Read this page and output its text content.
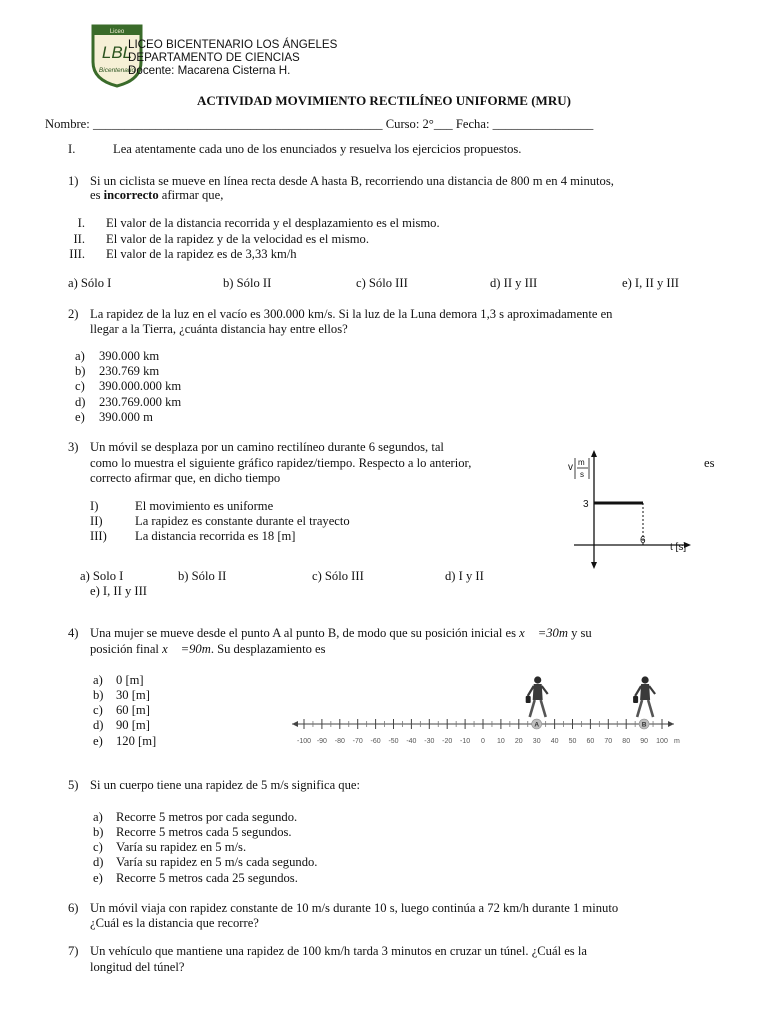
Liceo
LBL
Bicentenario
LICEO BICENTENARIO LOS ÁNGELES
DEPARTAMENTO DE CIENCIAS
Docente: Macarena Cisterna H.
ACTIVIDAD MOVIMIENTO RECTILÍNEO UNIFORME (MRU)
Nombre: ______________________________________________ Curso: 2°___ Fecha: ________________
I.	Lea atentamente cada uno de los enunciados y resuelva los ejercicios propuestos.
1) Si un ciclista se mueve en línea recta desde A hasta B, recorriendo una distancia de 800 m en 4 minutos,
es incorrecto afirmar que,
I. El valor de la distancia recorrida y el desplazamiento es el mismo.
II. El valor de la rapidez y de la velocidad es el mismo.
III. El valor de la rapidez es de 3,33 km/h
a) Sólo I	b) Sólo II	c) Sólo III	d) II y III	e) I, II y III
2) La rapidez de la luz en el vacío es 300.000 km/s. Si la luz de la Luna demora 1,3 s aproximadamente en
llegar a la Tierra, ¿cuánta distancia hay entre ellos?
a) 390.000 km
b) 230.769 km
c) 390.000.000 km
d) 230.769.000 km
e) 390.000 m
3) Un móvil se desplaza por un camino rectilíneo durante 6 segundos, tal
como lo muestra el siguiente gráfico rapidez/tiempo. Respecto a lo anterior,	es
correcto afirmar que, en dicho tiempo
I)	El movimiento es uniforme
II)	La rapidez es constante durante el trayecto
III) La distancia recorrida es 18 [m]
a) Solo I	b) Sólo II	c) Sólo III	d) I y II
e) I, II y III
v m
s
3
6
t [s]
4) Una mujer se mueve desde el punto A al punto B, de modo que su posición inicial es x⃗ =30m y su
posición final x⃗ =90m. Su desplazamiento es
a) 0 [m]
b) 30 [m]
c) 60 [m]
d) 90 [m]
e) 120 [m]	-100 -90 -80 -70 -60 -50 -40 -30 -20 -10 0 10 20 30 40 50 60 70 80 90 100 m
A	B
5) Si un cuerpo tiene una rapidez de 5 m/s significa que:
a) Recorre 5 metros por cada segundo.
b) Recorre 5 metros cada 5 segundos.
c) Varía su rapidez en 5 m/s.
d) Varía su rapidez en 5 m/s cada segundo.
e) Recorre 5 metros cada 25 segundos.
6) Un móvil viaja con rapidez constante de 10 m/s durante 10 s, luego continúa a 72 km/h durante 1 minuto
¿Cuál es la distancia que recorre?
7) Un vehículo que mantiene una rapidez de 100 km/h tarda 3 minutos en cruzar un túnel. ¿Cuál es la
longitud del túnel?
